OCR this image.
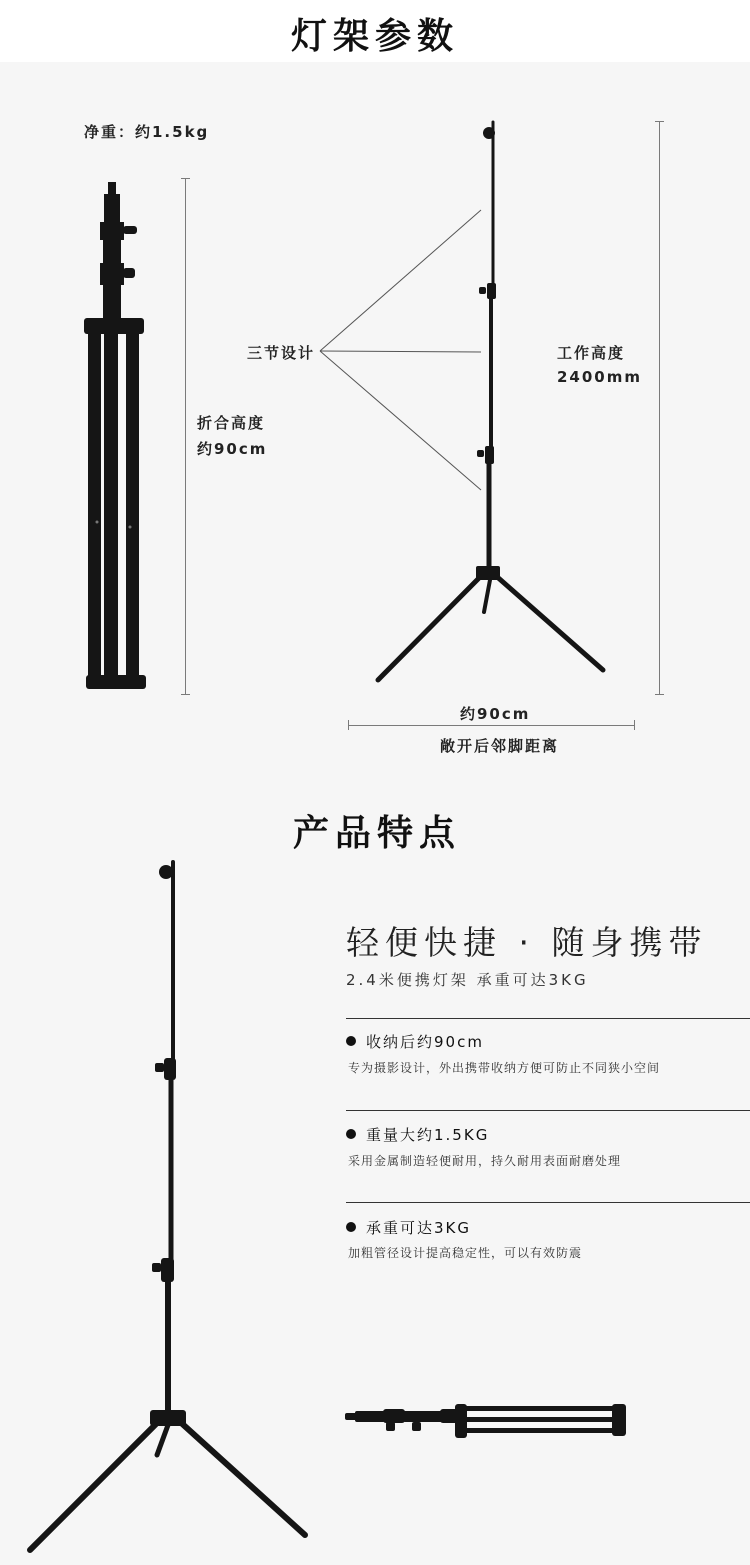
灯架参数
净重：约1.5kg
折合高度
约90cm
三节设计	工作高度
2400mm
约90cm
敞开后邻脚距离
产品特点
轻便快捷 · 随身携带
2.4米便携灯架 承重可达3KG
收纳后约90cm
专为摄影设计，外出携带收纳方便可防止不同狭小空间
重量大约1.5KG
采用金属制造轻便耐用，持久耐用表面耐磨处理
承重可达3KG
加粗管径设计提高稳定性，可以有效防震
